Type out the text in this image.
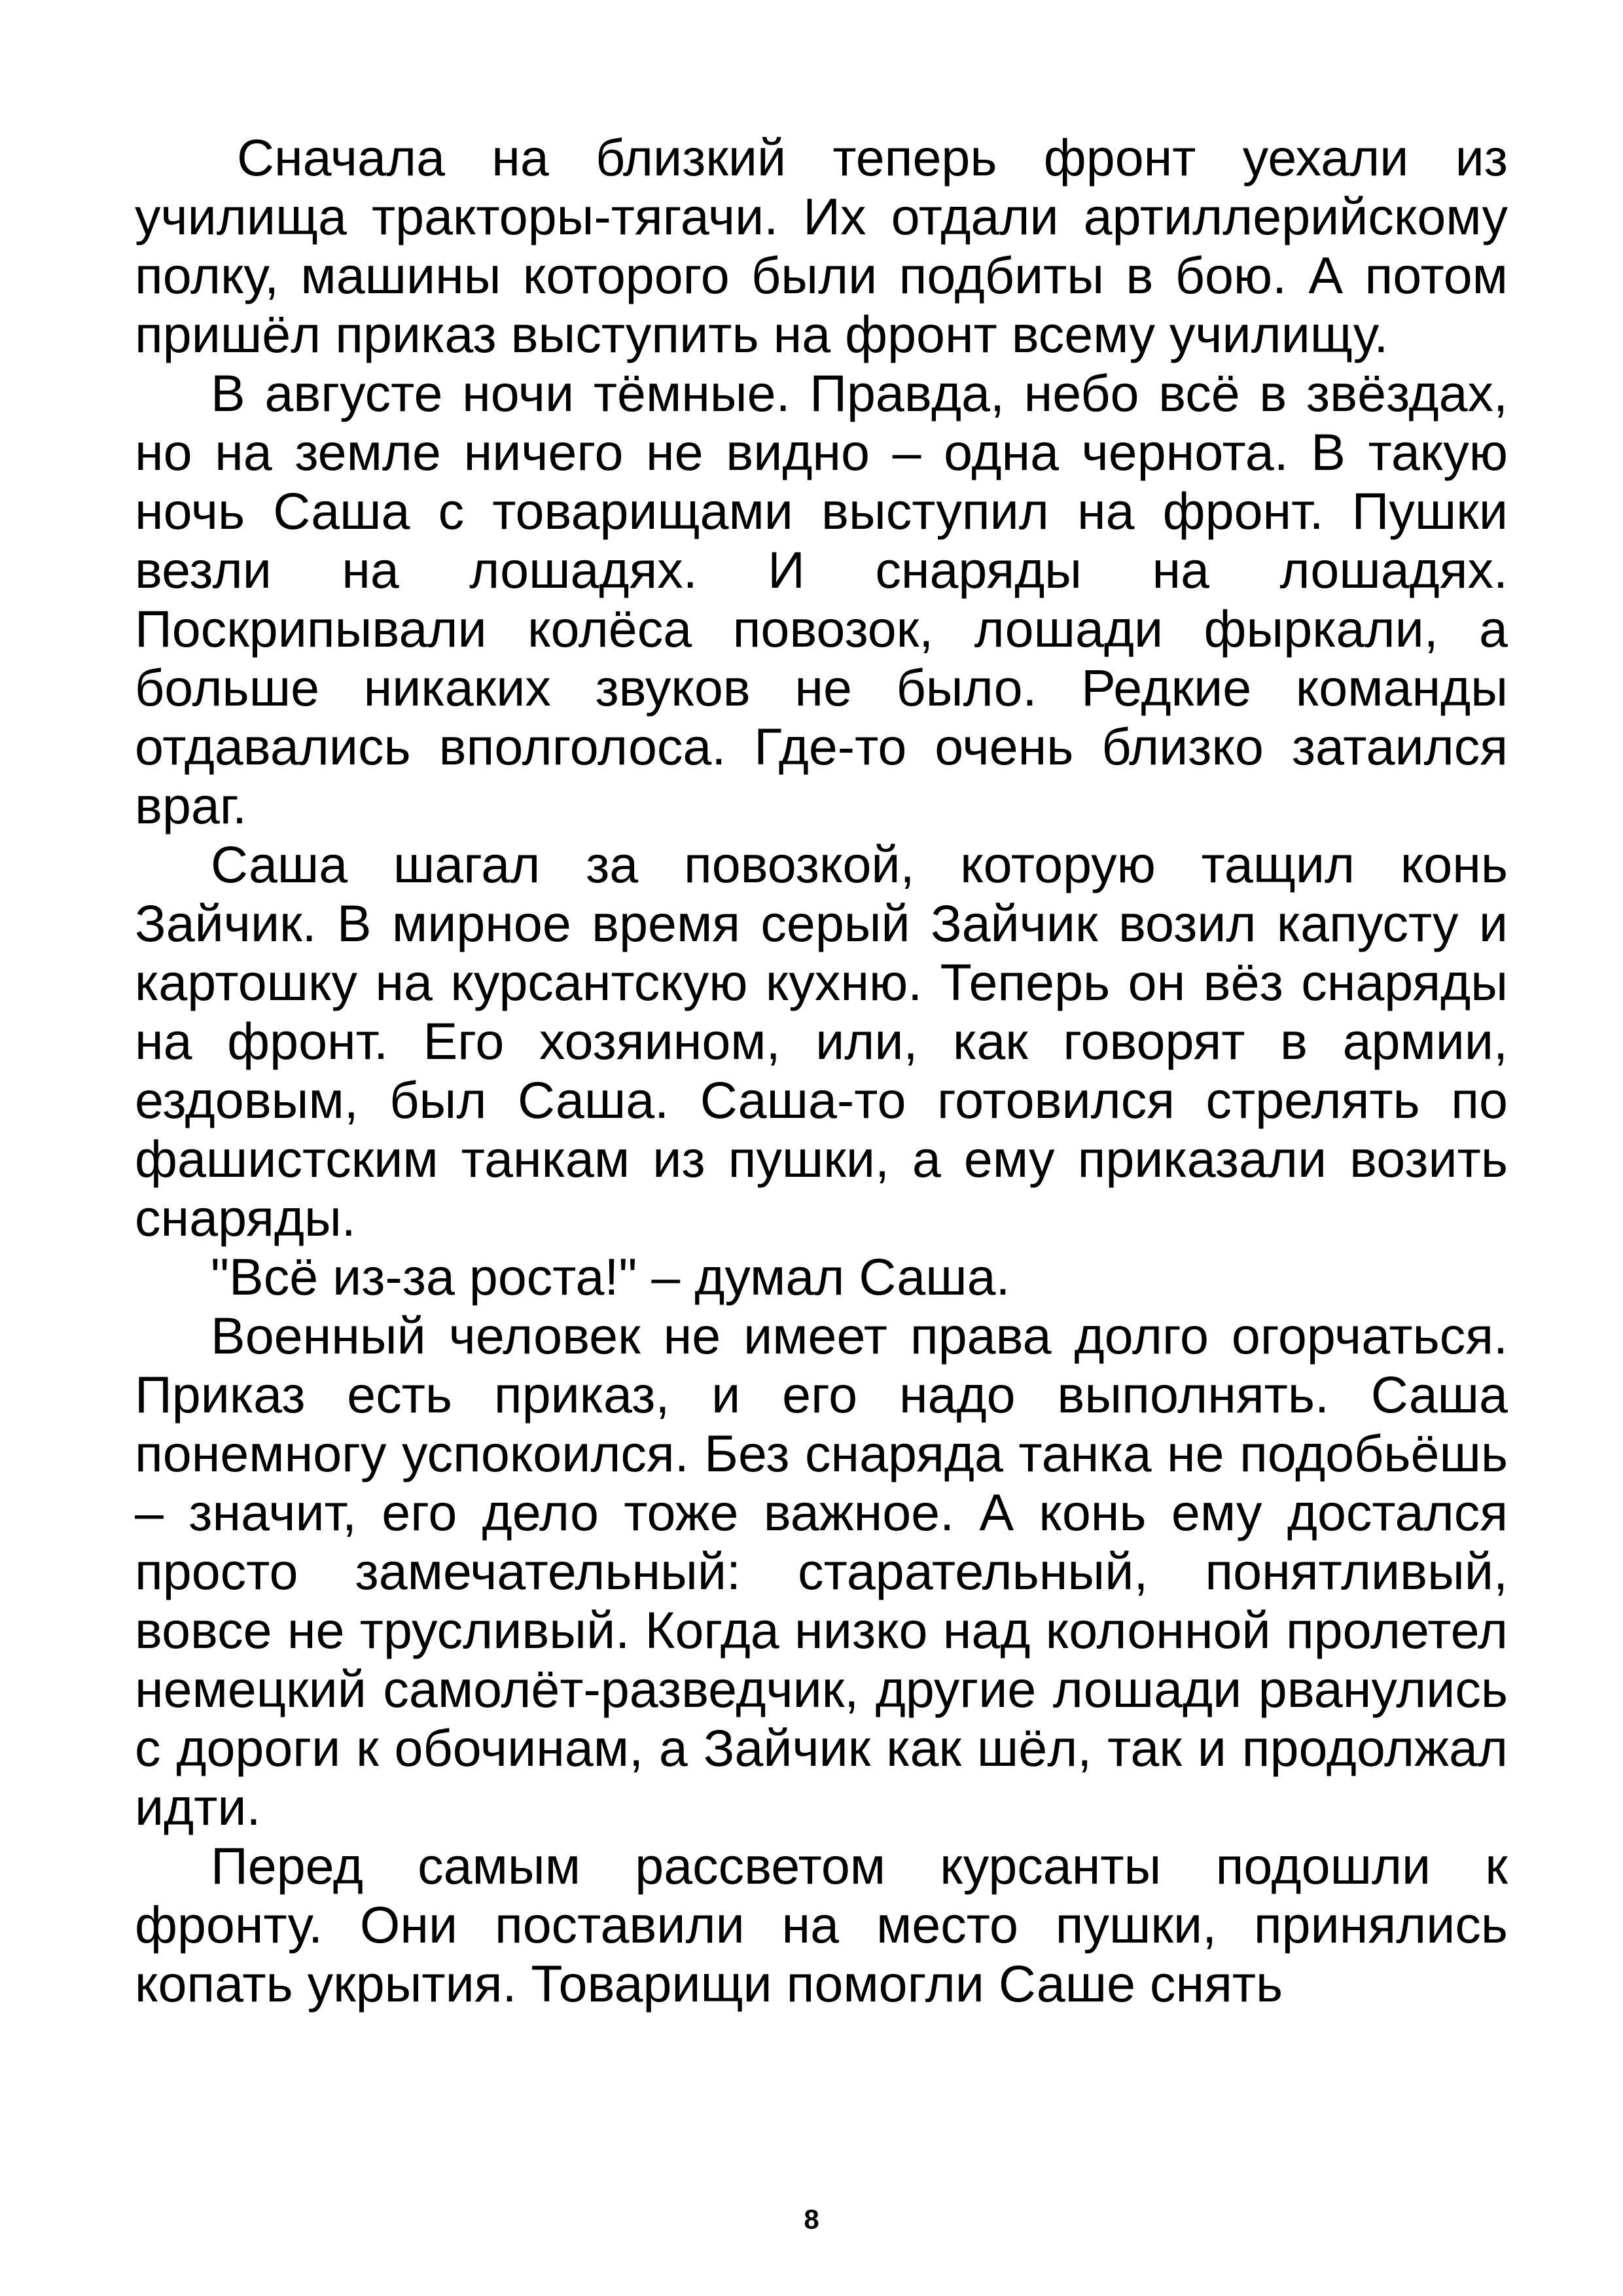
Сначала на близкий теперь фронт уехали из училища тракторы-тягачи. Их отдали артиллерийскому полку, машины которого были подбиты в бою. А потом пришёл приказ выступить на фронт всему училищу.

В августе ночи тёмные. Правда, небо всё в звёздах, но на земле ничего не видно – одна чернота. В такую ночь Саша с товарищами выступил на фронт. Пушки везли на лошадях. И снаряды на лошадях. Поскрипывали колёса повозок, лошади фыркали, а больше никаких звуков не было. Редкие команды отдавались вполголоса. Где-то очень близко затаился враг.

Саша шагал за повозкой, которую тащил конь Зайчик. В мирное время серый Зайчик возил капусту и картошку на курсантскую кухню. Теперь он вёз снаряды на фронт. Его хозяином, или, как говорят в армии, ездовым, был Саша. Саша-то готовился стрелять по фашистским танкам из пушки, а ему приказали возить снаряды.

"Всё из-за роста!" – думал Саша.

Военный человек не имеет права долго огорчаться. Приказ есть приказ, и его надо выполнять. Саша понемногу успокоился. Без снаряда танка не подобьёшь – значит, его дело тоже важное. А конь ему достался просто замечательный: старательный, понятливый, вовсе не трусливый. Когда низко над колонной пролетел немецкий самолёт-разведчик, другие лошади рванулись с дороги к обочинам, а Зайчик как шёл, так и продолжал идти.

Перед самым рассветом курсанты подошли к фронту. Они поставили на место пушки, принялись копать укрытия. Товарищи помогли Саше снять

8
